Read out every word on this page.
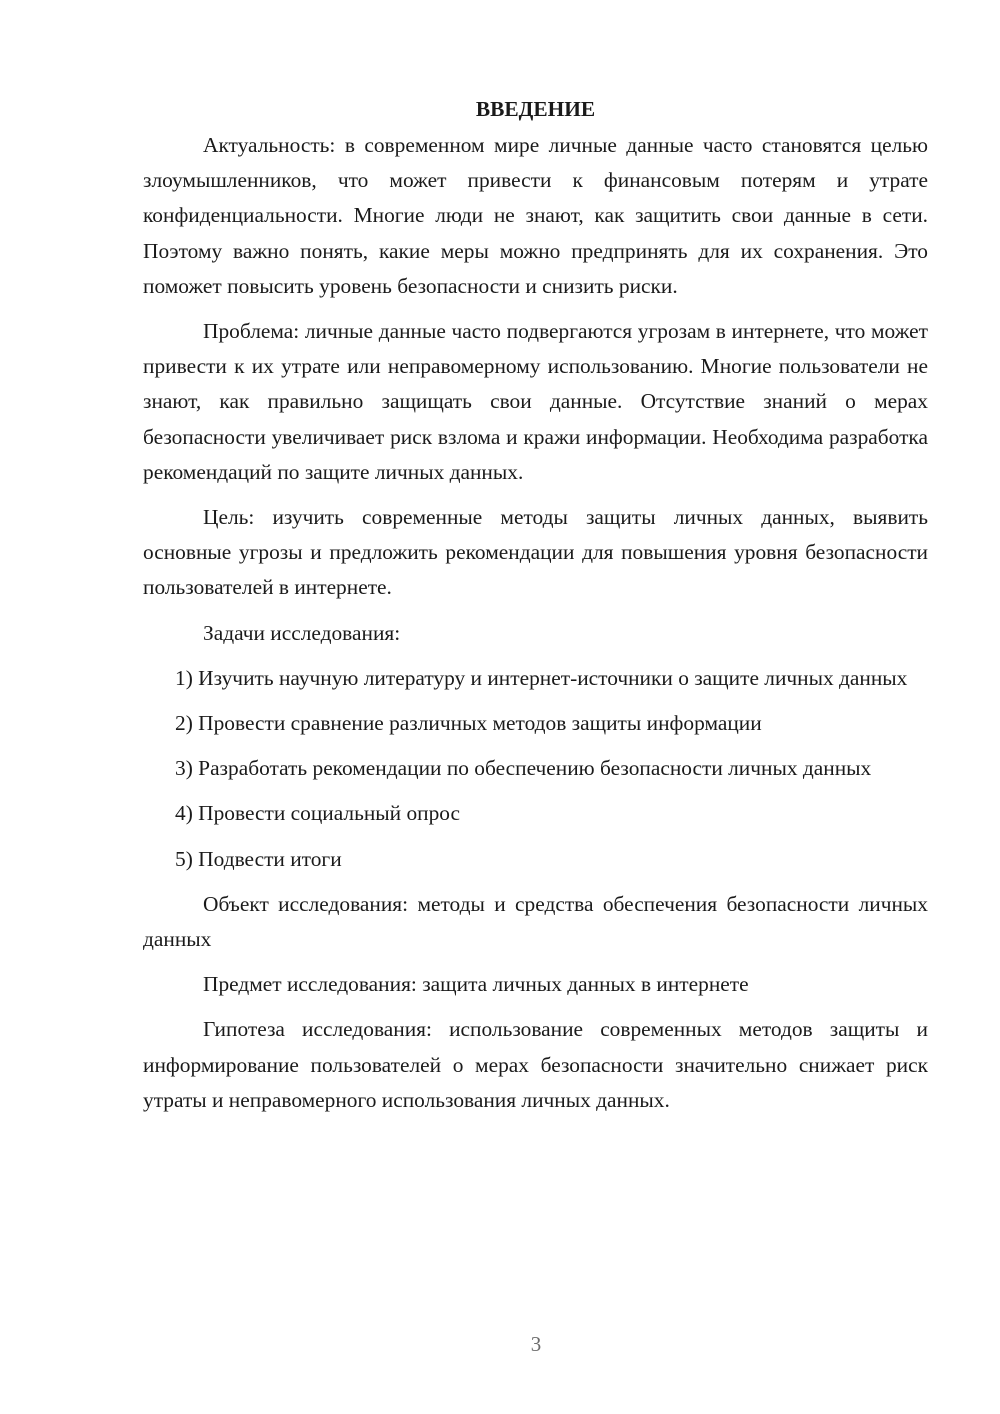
ВВЕДЕНИЕ

Актуальность: в современном мире личные данные часто становятся целью злоумышленников, что может привести к финансовым потерям и утрате конфиденциальности. Многие люди не знают, как защитить свои данные в сети. Поэтому важно понять, какие меры можно предпринять для их сохранения. Это поможет повысить уровень безопасности и снизить риски.

Проблема: личные данные часто подвергаются угрозам в интернете, что может привести к их утрате или неправомерному использованию. Многие пользователи не знают, как правильно защищать свои данные. Отсутствие знаний о мерах безопасности увеличивает риск взлома и кражи информации. Необходима разработка рекомендаций по защите личных данных.

Цель: изучить современные методы защиты личных данных, выявить основные угрозы и предложить рекомендации для повышения уровня безопасности пользователей в интернете.

Задачи исследования:

1) Изучить научную литературу и интернет-источники о защите личных данных

2) Провести сравнение различных методов защиты информации

3) Разработать рекомендации по обеспечению безопасности личных данных

4) Провести социальный опрос

5) Подвести итоги

Объект исследования: методы и средства обеспечения безопасности личных данных

Предмет исследования: защита личных данных в интернете

Гипотеза исследования: использование современных методов защиты и информирование пользователей о мерах безопасности значительно снижает риск утраты и неправомерного использования личных данных.

3
